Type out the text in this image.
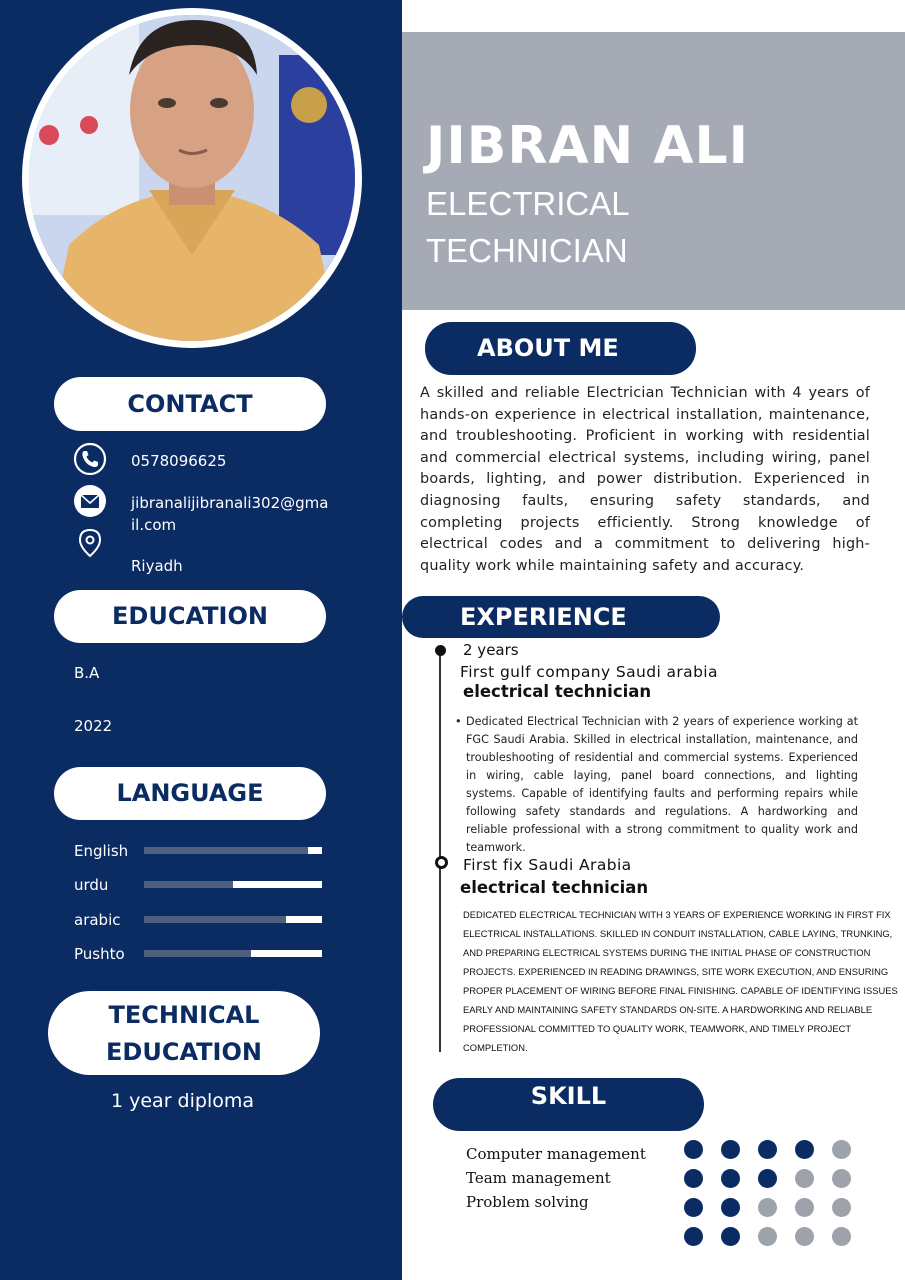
JIBRAN ALI
ELECTRICAL
TECHNICIAN
CONTACT
0578096625
jibranalijibranali302@gma
il.com
Riyadh
EDUCATION
B.A
2022
LANGUAGE
English
urdu
arabic
Pushto
TECHNICAL
EDUCATION
1 year diploma
ABOUT ME
A skilled and reliable Electrician Technician with 4 years of hands-on experience in electrical installation, maintenance, and troubleshooting. Proficient in working with residential and commercial electrical systems, including wiring, panel boards, lighting, and power distribution. Experienced in diagnosing faults, ensuring safety standards, and completing projects efficiently. Strong knowledge of electrical codes and a commitment to delivering high-quality work while maintaining safety and accuracy.
EXPERIENCE
2 years
First gulf company Saudi arabia
electrical technician
• Dedicated Electrical Technician with 2 years of experience working at FGC Saudi Arabia. Skilled in electrical installation, maintenance, and troubleshooting of residential and commercial systems. Experienced in wiring, cable laying, panel board connections, and lighting systems. Capable of identifying faults and performing repairs while following safety standards and regulations. A hardworking and reliable professional with a strong commitment to quality work and teamwork.
First fix Saudi Arabia
electrical technician
DEDICATED ELECTRICAL TECHNICIAN WITH 3 YEARS OF EXPERIENCE WORKING IN FIRST FIX ELECTRICAL INSTALLATIONS. SKILLED IN CONDUIT INSTALLATION, CABLE LAYING, TRUNKING, AND PREPARING ELECTRICAL SYSTEMS DURING THE INITIAL PHASE OF CONSTRUCTION PROJECTS. EXPERIENCED IN READING DRAWINGS, SITE WORK EXECUTION, AND ENSURING PROPER PLACEMENT OF WIRING BEFORE FINAL FINISHING. CAPABLE OF IDENTIFYING ISSUES EARLY AND MAINTAINING SAFETY STANDARDS ON-SITE. A HARDWORKING AND RELIABLE PROFESSIONAL COMMITTED TO QUALITY WORK, TEAMWORK, AND TIMELY PROJECT COMPLETION.
SKILL
Computer management
Team management
Problem solving
